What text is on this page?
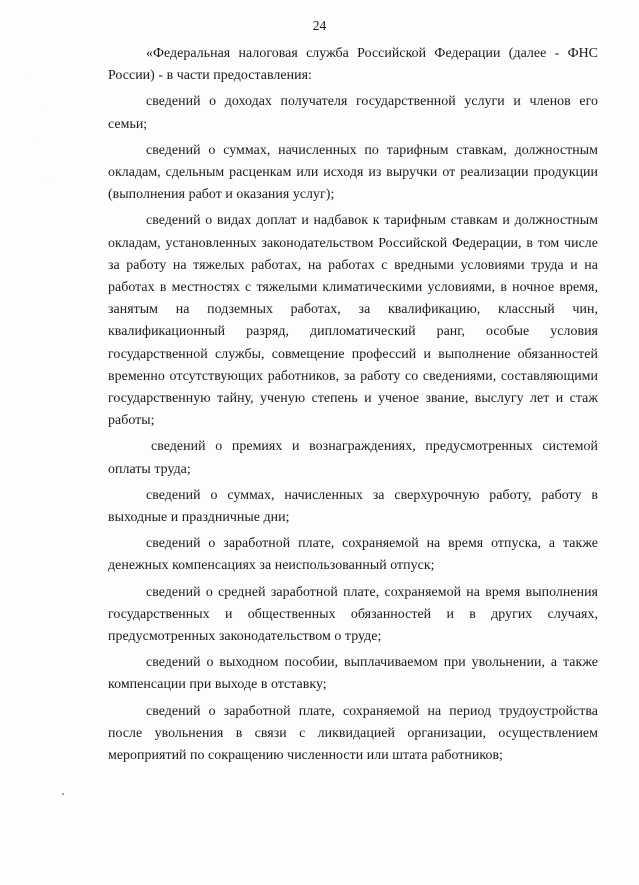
24

«Федеральная налоговая служба Российской Федерации (далее - ФНС России) - в части предоставления:

сведений о доходах получателя государственной услуги и членов его семьи;

сведений о суммах, начисленных по тарифным ставкам, должностным окладам, сдельным расценкам или исходя из выручки от реализации продукции (выполнения работ и оказания услуг);

сведений о видах доплат и надбавок к тарифным ставкам и должностным окладам, установленных законодательством Российской Федерации, в том числе за работу на тяжелых работах, на работах с вредными условиями труда и на работах в местностях с тяжелыми климатическими условиями, в ночное время, занятым на подземных работах, за квалификацию, классный чин, квалификационный разряд, дипломатический ранг, особые условия государственной службы, совмещение профессий и выполнение обязанностей временно отсутствующих работников, за работу со сведениями, составляющими государственную тайну, ученую степень и ученое звание, выслугу лет и стаж работы;

сведений о премиях и вознаграждениях, предусмотренных системой оплаты труда;

сведений о суммах, начисленных за сверхурочную работу, работу в выходные и праздничные дни;

сведений о заработной плате, сохраняемой на время отпуска, а также денежных компенсациях за неиспользованный отпуск;

сведений о средней заработной плате, сохраняемой на время выполнения государственных и общественных обязанностей и в других случаях, предусмотренных законодательством о труде;

сведений о выходном пособии, выплачиваемом при увольнении, а также компенсации при выходе в отставку;

сведений о заработной плате, сохраняемой на период трудоустройства после увольнения в связи с ликвидацией организации, осуществлением мероприятий по сокращению численности или штата работников;
